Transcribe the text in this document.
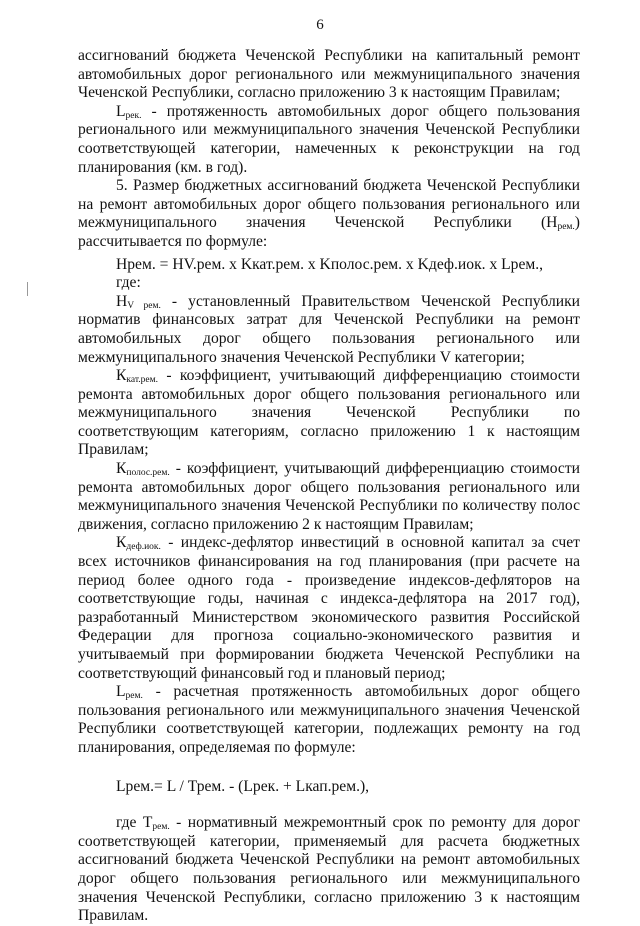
6

ассигнований бюджета Чеченской Республики на капитальный ремонт автомобильных дорог регионального или межмуниципального значения Чеченской Республики, согласно приложению 3 к настоящим Правилам;

$L_{рек.}$ - протяженность автомобильных дорог общего пользования регионального или межмуниципального значения Чеченской Республики соответствующей категории, намеченных к реконструкции на год планирования (км. в год).

5. Размер бюджетных ассигнований бюджета Чеченской Республики на ремонт автомобильных дорог общего пользования регионального или межмуниципального значения Чеченской Республики $(Н_{рем.})$ рассчитывается по формуле:

Нрем. = НV.рем. x Kкат.рем. x Kполос.рем. x Kдеф.иок. x Lрем.,
где:

$Н_{V рем.}$ - установленный Правительством Чеченской Республики норматив финансовых затрат для Чеченской Республики на ремонт автомобильных дорог общего пользования регионального или межмуниципального значения Чеченской Республики V категории;

$К_{кат.рем.}$ - коэффициент, учитывающий дифференциацию стоимости ремонта автомобильных дорог общего пользования регионального или межмуниципального значения Чеченской Республики по соответствующим категориям, согласно приложению 1 к настоящим Правилам;

$К_{полос.рем.}$ - коэффициент, учитывающий дифференциацию стоимости ремонта автомобильных дорог общего пользования регионального или межмуниципального значения Чеченской Республики по количеству полос движения, согласно приложению 2 к настоящим Правилам;

$К_{деф.иок.}$ - индекс-дефлятор инвестиций в основной капитал за счет всех источников финансирования на год планирования (при расчете на период более одного года - произведение индексов-дефляторов на соответствующие годы, начиная с индекса-дефлятора на 2017 год), разработанный Министерством экономического развития Российской Федерации для прогноза социально-экономического развития и учитываемый при формировании бюджета Чеченской Республики на соответствующий финансовый год и плановый период;

$L_{рем.}$ - расчетная протяженность автомобильных дорог общего пользования регионального или межмуниципального значения Чеченской Республики соответствующей категории, подлежащих ремонту на год планирования, определяемая по формуле:

Lрем.= L / Трем. - (Lрек. + Lкап.рем.),

где $Т_{рем.}$ - нормативный межремонтный срок по ремонту для дорог соответствующей категории, применяемый для расчета бюджетных ассигнований бюджета Чеченской Республики на ремонт автомобильных дорог общего пользования регионального или межмуниципального значения Чеченской Республики, согласно приложению 3 к настоящим Правилам.
